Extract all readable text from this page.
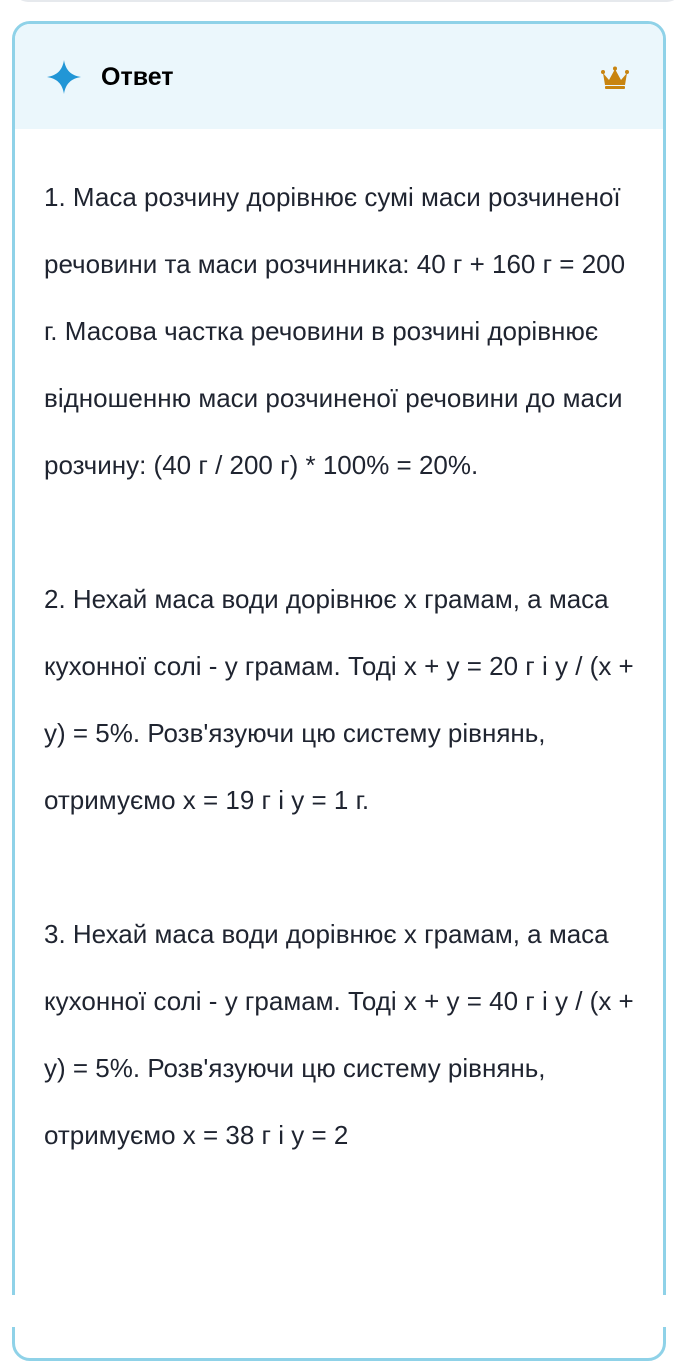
Ответ

1. Маса розчину дорівнює сумі маси розчиненої речовини та маси розчинника: 40 г + 160 г = 200 г. Масова частка речовини в розчині дорівнює відношенню маси розчиненої речовини до маси розчину: (40 г / 200 г) * 100% = 20%.

2. Нехай маса води дорівнює х грамам, а маса кухонної солі - у грамам. Тоді х + у = 20 г і у / (х + у) = 5%. Розв'язуючи цю систему рівнянь, отримуємо х = 19 г і у = 1 г.

3. Нехай маса води дорівнює х грамам, а маса кухонної солі - у грамам. Тоді х + у = 40 г і у / (х + у) = 5%. Розв'язуючи цю систему рівнянь, отримуємо х = 38 г і у = 2
